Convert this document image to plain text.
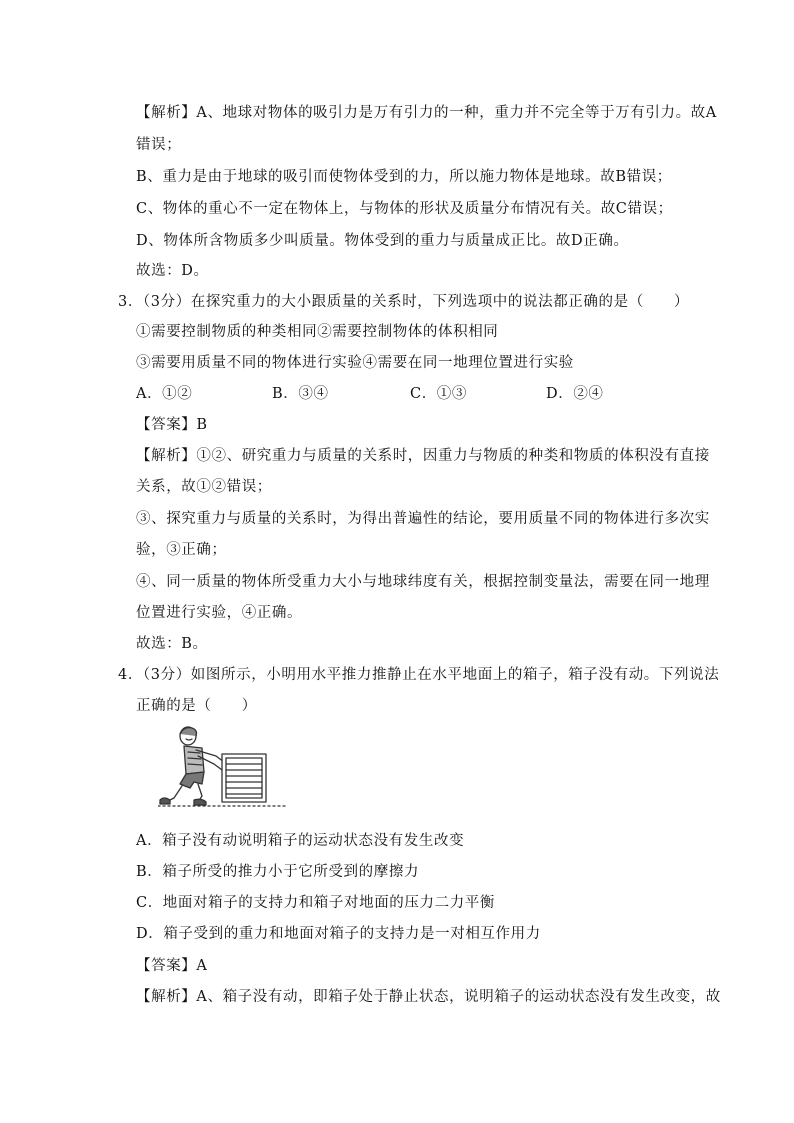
【解析】A、地球对物体的吸引力是万有引力的一种，重力并不完全等于万有引力。故A
错误；
B、重力是由于地球的吸引而使物体受到的力，所以施力物体是地球。故B错误；
C、物体的重心不一定在物体上，与物体的形状及质量分布情况有关。故C错误；
D、物体所含物质多少叫质量。物体受到的重力与质量成正比。故D正确。
故选：D。
3．（3分）在探究重力的大小跟质量的关系时，下列选项中的说法都正确的是（　　）
①需要控制物质的种类相同②需要控制物体的体积相同
③需要用质量不同的物体进行实验④需要在同一地理位置进行实验
A．①②	B．③④	C．①③	D．②④
【答案】B
【解析】①②、研究重力与质量的关系时，因重力与物质的种类和物质的体积没有直接
关系，故①②错误；
③、探究重力与质量的关系时，为得出普遍性的结论，要用质量不同的物体进行多次实
验，③正确；
④、同一质量的物体所受重力大小与地球纬度有关，根据控制变量法，需要在同一地理
位置进行实验，④正确。
故选：B。
4．（3分）如图所示，小明用水平推力推静止在水平地面上的箱子，箱子没有动。下列说法
正确的是（　　）
A．箱子没有动说明箱子的运动状态没有发生改变
B．箱子所受的推力小于它所受到的摩擦力
C．地面对箱子的支持力和箱子对地面的压力二力平衡
D．箱子受到的重力和地面对箱子的支持力是一对相互作用力
【答案】A
【解析】A、箱子没有动，即箱子处于静止状态，说明箱子的运动状态没有发生改变，故
